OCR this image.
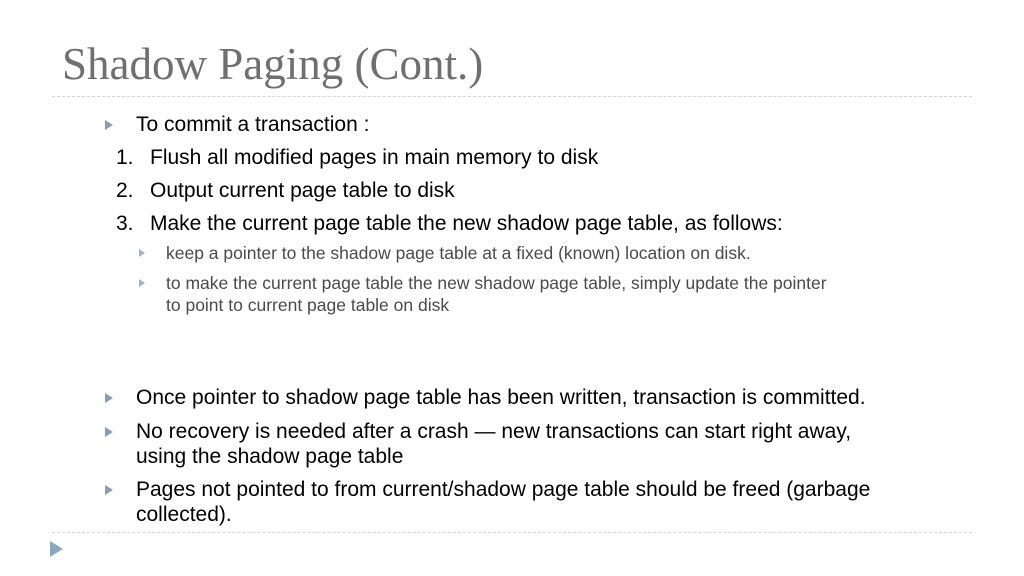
Shadow Paging (Cont.)
To commit a transaction :
1. Flush all modified pages in main memory to disk
2. Output current page table to disk
3. Make the current page table the new shadow page table, as follows:
keep a pointer to the shadow page table at a fixed (known) location on disk.
to make the current page table the new shadow page table, simply update the pointer
to point to current page table on disk
Once pointer to shadow page table has been written, transaction is committed.
No recovery is needed after a crash — new transactions can start right away,
using the shadow page table
Pages not pointed to from current/shadow page table should be freed (garbage
collected).
